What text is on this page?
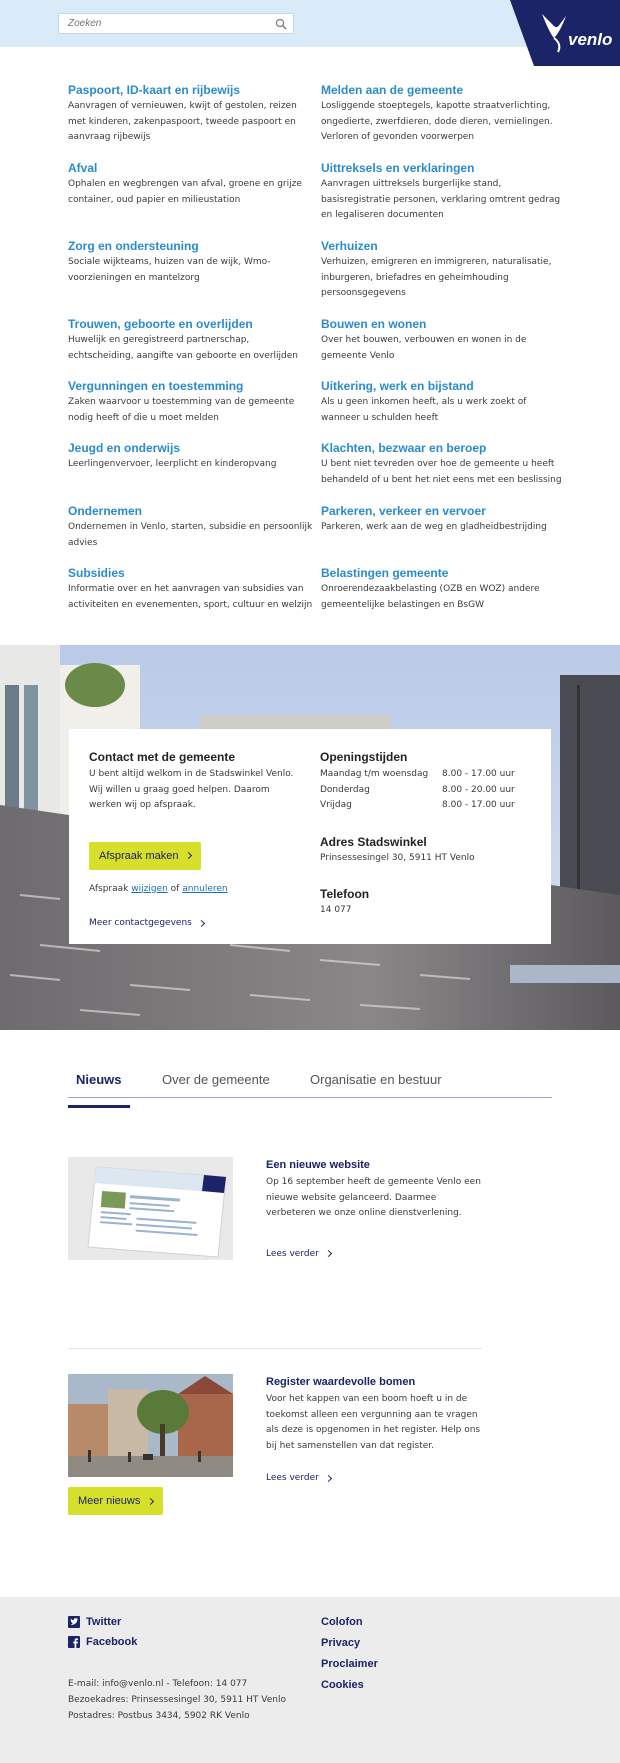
Zoeken
venlo
Paspoort, ID-kaart en rijbewijs

Aanvragen of vernieuwen, kwijt of gestolen, reizen met kinderen, zakenpaspoort, tweede paspoort en aanvraag rijbewijs

Melden aan de gemeente

Losliggende stoeptegels, kapotte straatverlichting, ongedierte, zwerfdieren, dode dieren, vernielingen. Verloren of gevonden voorwerpen

Afval

Ophalen en wegbrengen van afval, groene en grijze container, oud papier en milieustation

Uittreksels en verklaringen

Aanvragen uittreksels burgerlijke stand, basisregistratie personen, verklaring omtrent gedrag en legaliseren documenten

Zorg en ondersteuning

Sociale wijkteams, huizen van de wijk, Wmo-voorzieningen en mantelzorg

Verhuizen

Verhuizen, emigreren en immigreren, naturalisatie, inburgeren, briefadres en geheimhouding persoonsgegevens

Trouwen, geboorte en overlijden

Huwelijk en geregistreerd partnerschap, echtscheiding, aangifte van geboorte en overlijden

Bouwen en wonen

Over het bouwen, verbouwen en wonen in de gemeente Venlo

Vergunningen en toestemming

Zaken waarvoor u toestemming van de gemeente nodig heeft of die u moet melden

Uitkering, werk en bijstand

Als u geen inkomen heeft, als u werk zoekt of wanneer u schulden heeft

Jeugd en onderwijs

Leerlingenvervoer, leerplicht en kinderopvang

Klachten, bezwaar en beroep

U bent niet tevreden over hoe de gemeente u heeft behandeld of u bent het niet eens met een beslissing

Ondernemen

Ondernemen in Venlo, starten, subsidie en persoonlijk advies

Parkeren, verkeer en vervoer

Parkeren, werk aan de weg en gladheidbestrijding

Subsidies

Informatie over en het aanvragen van subsidies van activiteiten en evenementen, sport, cultuur en welzijn

Belastingen gemeente

Onroerendezaakbelasting (OZB en WOZ) andere gemeentelijke belastingen en BsGW

Contact met de gemeente

U bent altijd welkom in de Stadswinkel Venlo. Wij willen u graag goed helpen. Daarom werken wij op afspraak.

Afspraak maken

Afspraak wijzigen of annuleren

Meer contactgegevens
Openingstijden
Maandag t/m woensdag	8.00 - 17.00 uur
Donderdag	8.00 - 20.00 uur
Vrijdag	8.00 - 17.00 uur
Adres Stadswinkel

Prinsessesingel 30, 5911 HT Venlo

Telefoon

14 077

Nieuws	Over de gemeente	Organisatie en bestuur
Een nieuwe website

Op 16 september heeft de gemeente Venlo een nieuwe website gelanceerd. Daarmee verbeteren we onze online dienstverlening.

Lees verder
Register waardevolle bomen

Voor het kappen van een boom hoeft u in de toekomst alleen een vergunning aan te vragen als deze is opgenomen in het register. Help ons bij het samenstellen van dat register.

Lees verder
Meer nieuws
Twitter
Facebook
E-mail: info@venlo.nl - Telefoon: 14 077
Bezoekadres: Prinsessesingel 30, 5911 HT Venlo
Postadres: Postbus 3434, 5902 RK Venlo
Colofon
Privacy
Proclaimer
Cookies
